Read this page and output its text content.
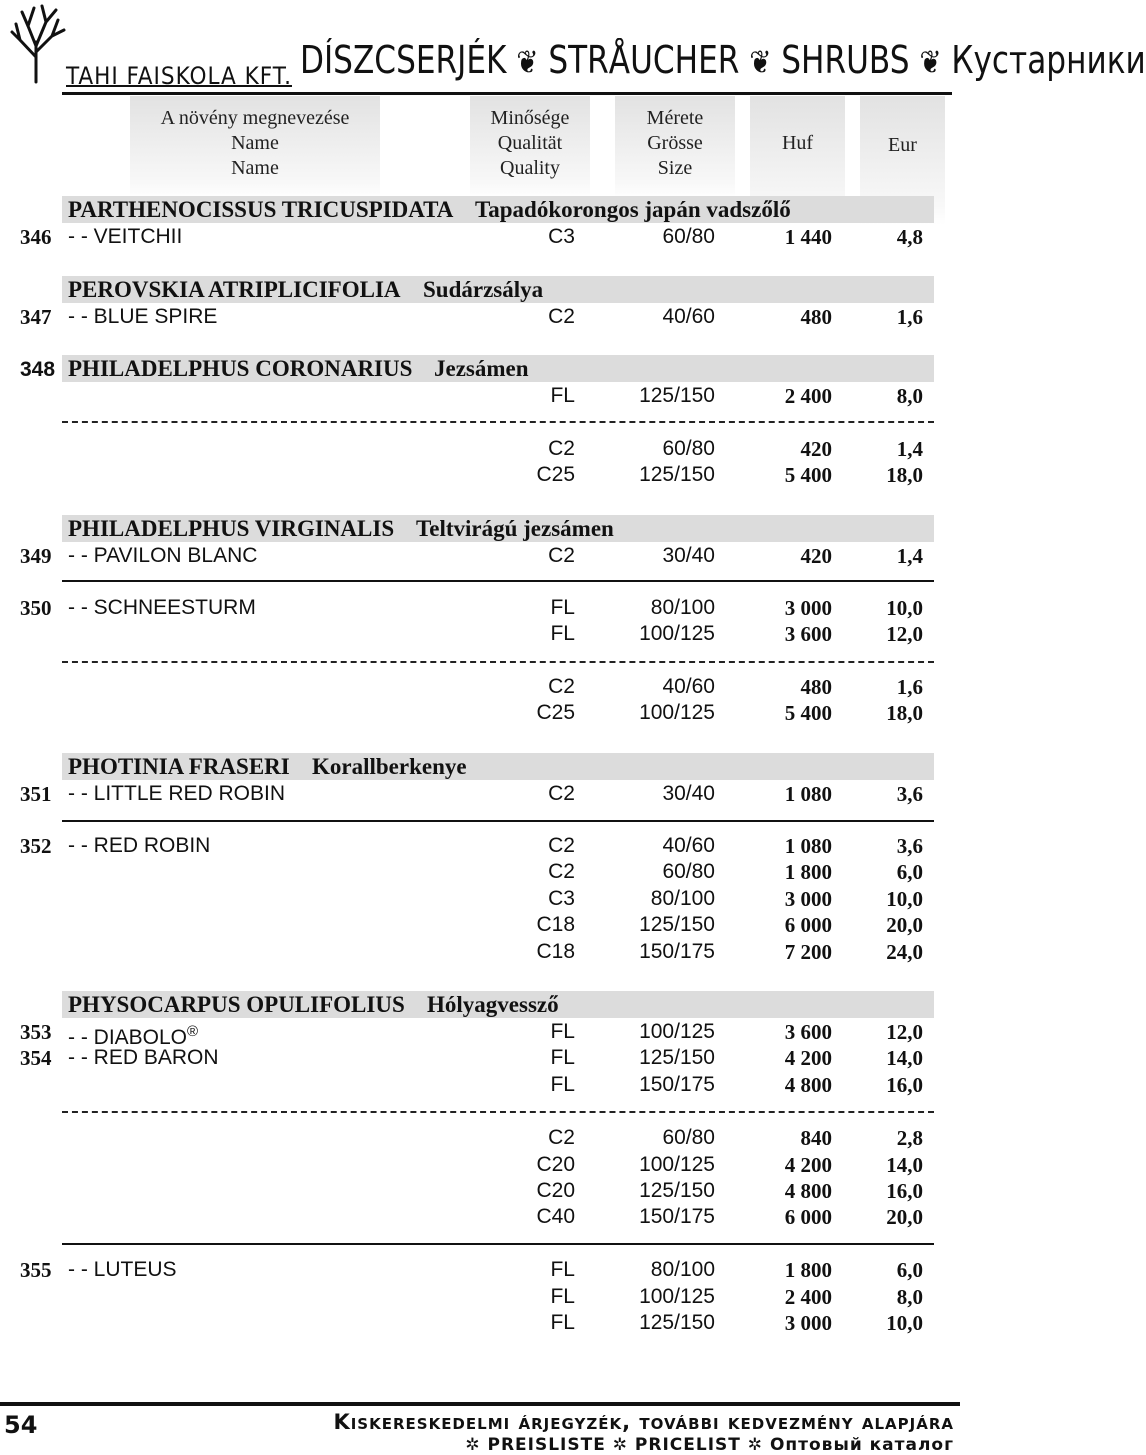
TAHI FAISKOLA KFT. DÍSZCSERJÉK ❦ STRÅUCHER ❦ SHRUBS ❦ Кустарники
A növény megnevezése
Name
Name
Minősége
Qualität
Quality
Mérete
Grösse
Size
Huf	Eur
PARTHENOCISSUS TRICUSPIDATA Tapadókorongos japán vadszőlő
346 - - VEITCHII	C3	60/80	1 440	4,8
PEROVSKIA ATRIPLICIFOLIA Sudárzsálya
347 - - BLUE SPIRE	C2	40/60	480	1,6
348 PHILADELPHUS CORONARIUS Jezsámen
FL	125/150	2 400	8,0
C2	60/80	420	1,4
C25	125/150	5 400	18,0
PHILADELPHUS VIRGINALIS Teltvirágú jezsámen
349 - - PAVILON BLANC	C2	30/40	420	1,4
350 - - SCHNEESTURM	FL	80/100	3 000	10,0
FL	100/125	3 600	12,0
C2	40/60	480	1,6
C25	100/125	5 400	18,0
PHOTINIA FRASERI Korallberkenye
351 - - LITTLE RED ROBIN	C2	30/40	1 080	3,6
352 - - RED ROBIN	C2	40/60	1 080	3,6
C2	60/80	1 800	6,0
C3	80/100	3 000	10,0
C18	125/150	6 000	20,0
C18	150/175	7 200	24,0
PHYSOCARPUS OPULIFOLIUS Hólyagvessző
353 - - DIABOLO®	FL	100/125	3 600	12,0
354 - - RED BARON	FL	125/150	4 200	14,0
FL	150/175	4 800	16,0
C2	60/80	840	2,8
C20	100/125	4 200	14,0
C20	125/150	4 800	16,0
C40	150/175	6 000	20,0
355 - - LUTEUS	FL	80/100	1 800	6,0
FL	100/125	2 400	8,0
FL	125/150	3 000	10,0
54	Kiskereskedelmi árjegyzék, további kedvezmény alapjára
✲ PREISLISTE ✲ PRICELIST ✲ Оптовый каталог
